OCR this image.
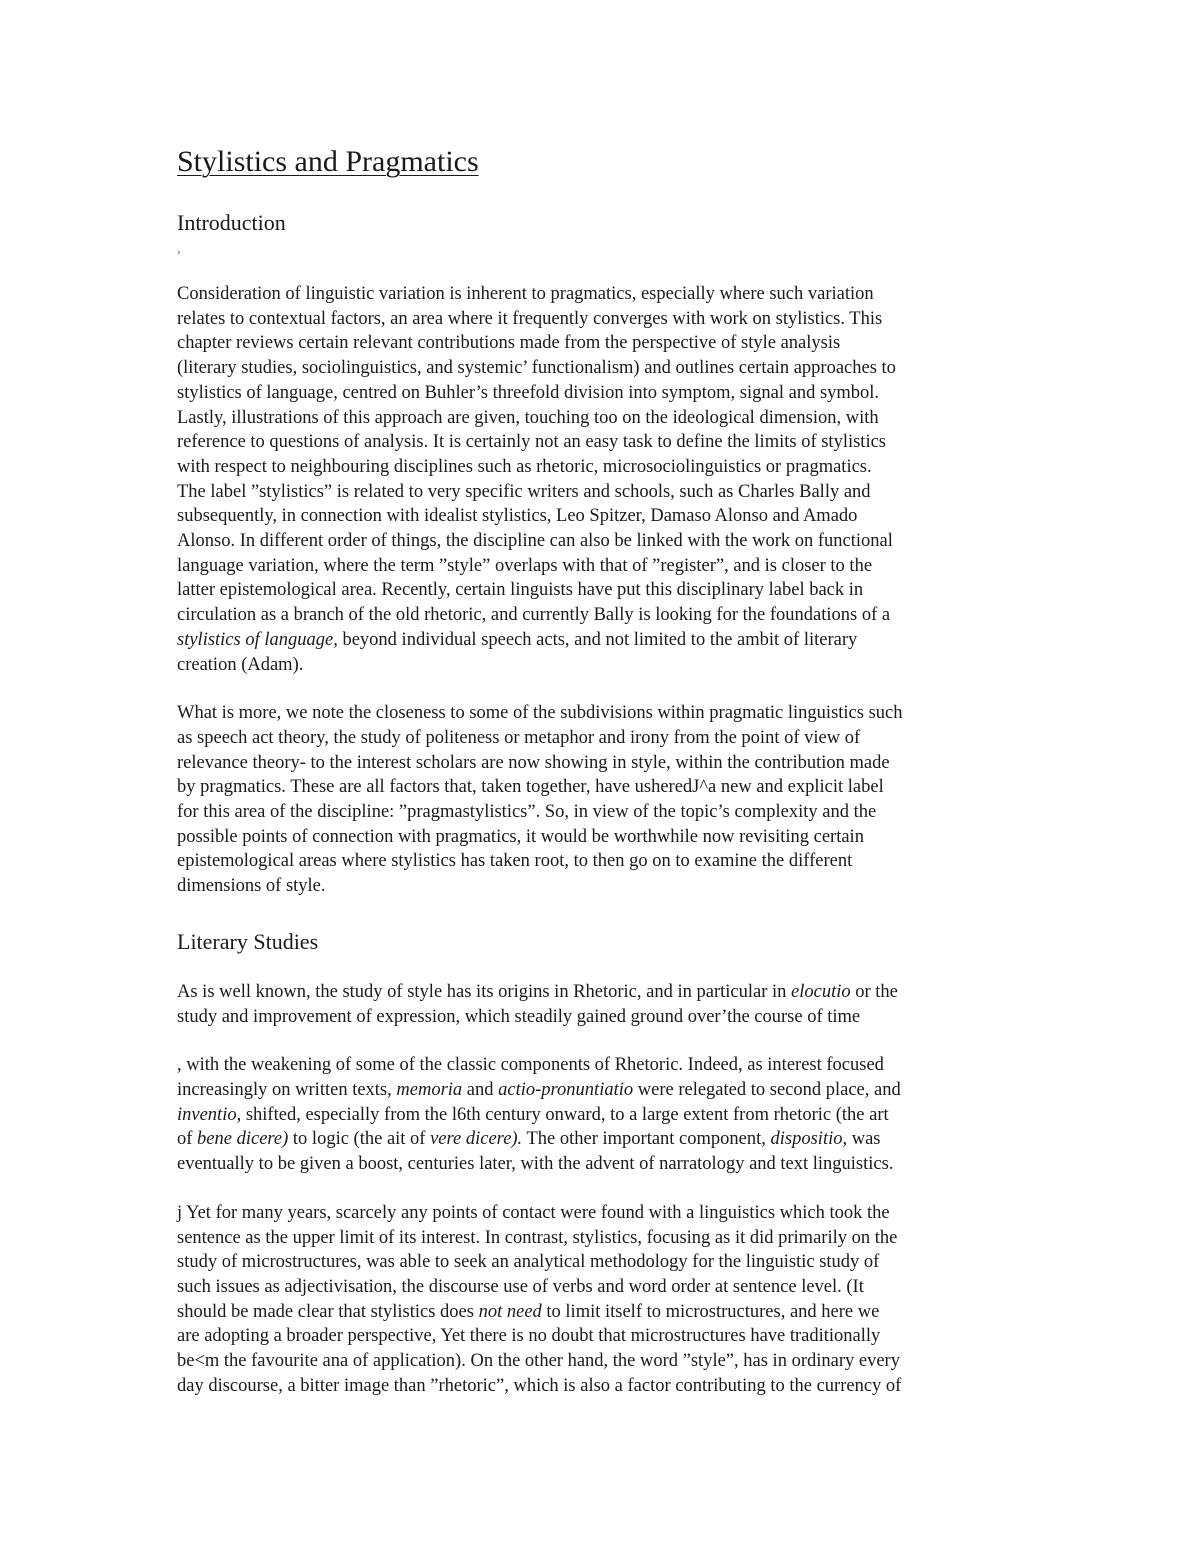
Stylistics and Pragmatics
Introduction
›
Consideration of linguistic variation is inherent to pragmatics, especially where such variation
relates to contextual factors, an area where it frequently converges with work on stylistics. This
chapter reviews certain relevant contributions made from the perspective of style analysis
(literary studies, sociolinguistics, and systemic’ functionalism) and outlines certain approaches to
stylistics of language, centred on Buhler’s threefold division into symptom, signal and symbol.
Lastly, illustrations of this approach are given, touching too on the ideological dimension, with
reference to questions of analysis. It is certainly not an easy task to define the limits of stylistics
with respect to neighbouring disciplines such as rhetoric, microsociolinguistics or pragmatics.
The label ”stylistics” is related to very specific writers and schools, such as Charles Bally and
subsequently, in connection with idealist stylistics, Leo Spitzer, Damaso Alonso and Amado
Alonso. In different order of things, the discipline can also be linked with the work on functional
language variation, where the term ”style” overlaps with that of ”register”, and is closer to the
latter epistemological area. Recently, certain linguists have put this disciplinary label back in
circulation as a branch of the old rhetoric, and currently Bally is looking for the foundations of a
stylistics of language, beyond individual speech acts, and not limited to the ambit of literary
creation (Adam).
What is more, we note the closeness to some of the subdivisions within pragmatic linguistics such
as speech act theory, the study of politeness or metaphor and irony from the point of view of
relevance theory- to the interest scholars are now showing in style, within the contribution made
by pragmatics. These are all factors that, taken together, have usheredJ^a new and explicit label
for this area of the discipline: ”pragmastylistics”. So, in view of the topic’s complexity and the
possible points of connection with pragmatics, it would be worthwhile now revisiting certain
epistemological areas where stylistics has taken root, to then go on to examine the different
dimensions of style.
Literary Studies
As is well known, the study of style has its origins in Rhetoric, and in particular in elocutio or the
study and improvement of expression, which steadily gained ground over’the course of time
, with the weakening of some of the classic components of Rhetoric. Indeed, as interest focused
increasingly on written texts, memoria and actio-pronuntiatio were relegated to second place, and
inventio, shifted, especially from the l6th century onward, to a large extent from rhetoric (the art
of bene dicere) to logic (the ait of vere dicere). The other important component, dispositio, was
eventually to be given a boost, centuries later, with the advent of narratology and text linguistics.
j Yet for many years, scarcely any points of contact were found with a linguistics which took the
sentence as the upper limit of its interest. In contrast, stylistics, focusing as it did primarily on the
study of microstructures, was able to seek an analytical methodology for the linguistic study of
such issues as adjectivisation, the discourse use of verbs and word order at sentence level. (It
should be made clear that stylistics does not need to limit itself to microstructures, and here we
are adopting a broader perspective, Yet there is no doubt that microstructures have traditionally
be<m the favourite ana of application). On the other hand, the word ”style”, has in ordinary every
day discourse, a bitter image than ”rhetoric”, which is also a factor contributing to the currency of
